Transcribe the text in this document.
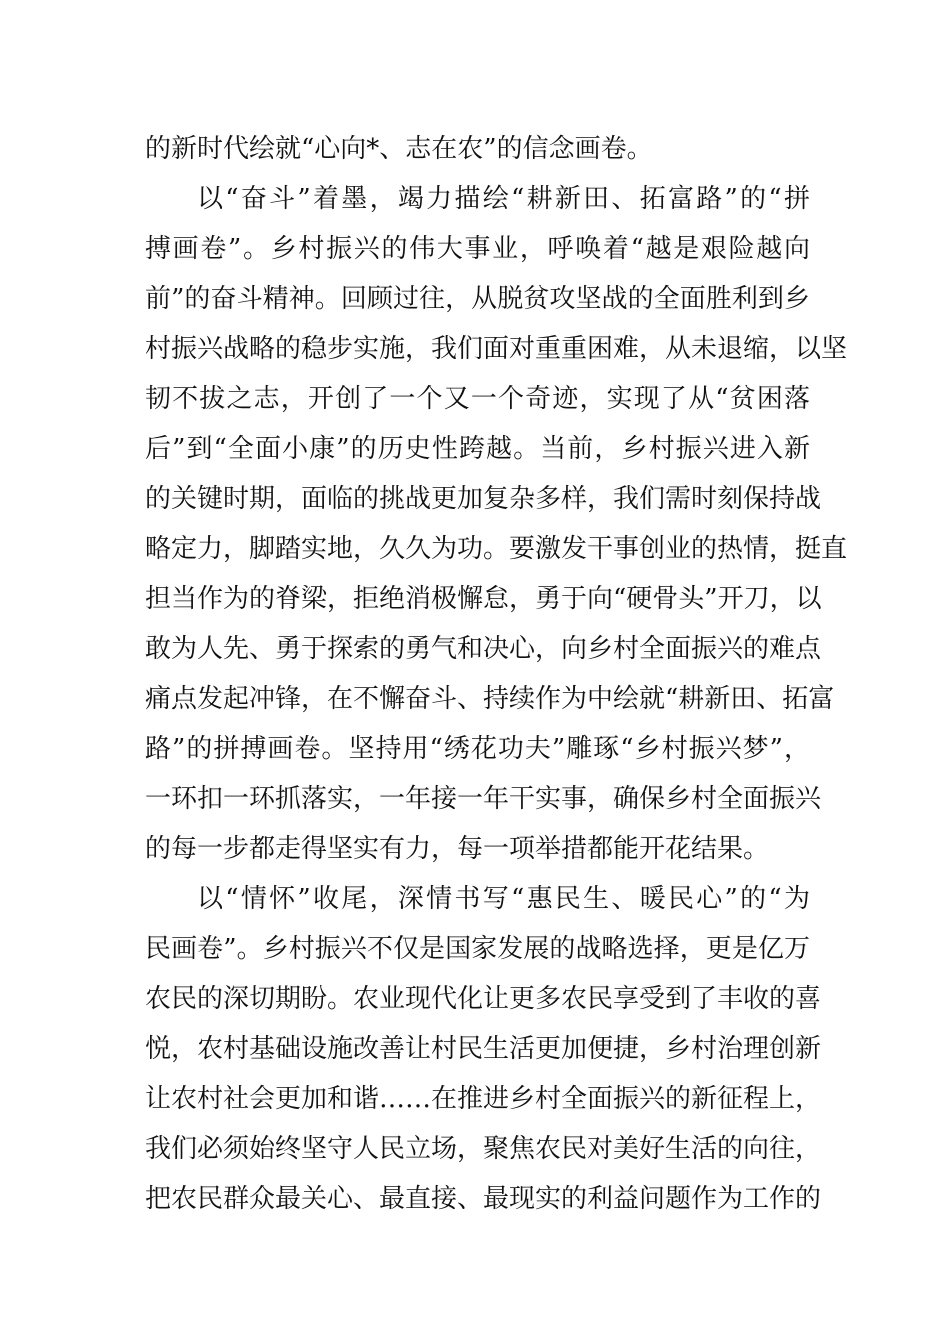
的新时代绘就“心向*、志在农”的信念画卷。
以“奋斗”着墨，竭力描绘“耕新田、拓富路”的“拼
搏画卷”。乡村振兴的伟大事业，呼唤着“越是艰险越向
前”的奋斗精神。回顾过往，从脱贫攻坚战的全面胜利到乡
村振兴战略的稳步实施，我们面对重重困难，从未退缩，以坚
韧不拔之志，开创了一个又一个奇迹，实现了从“贫困落
后”到“全面小康”的历史性跨越。当前，乡村振兴进入新
的关键时期，面临的挑战更加复杂多样，我们需时刻保持战
略定力，脚踏实地，久久为功。要激发干事创业的热情，挺直
担当作为的脊梁，拒绝消极懈怠，勇于向“硬骨头”开刀，以
敢为人先、勇于探索的勇气和决心，向乡村全面振兴的难点
痛点发起冲锋，在不懈奋斗、持续作为中绘就“耕新田、拓富
路”的拼搏画卷。坚持用“绣花功夫”雕琢“乡村振兴梦”，
一环扣一环抓落实，一年接一年干实事，确保乡村全面振兴
的每一步都走得坚实有力，每一项举措都能开花结果。
以“情怀”收尾，深情书写“惠民生、暖民心”的“为
民画卷”。乡村振兴不仅是国家发展的战略选择，更是亿万
农民的深切期盼。农业现代化让更多农民享受到了丰收的喜
悦，农村基础设施改善让村民生活更加便捷，乡村治理创新
让农村社会更加和谐……在推进乡村全面振兴的新征程上，
我们必须始终坚守人民立场，聚焦农民对美好生活的向往，
把农民群众最关心、最直接、最现实的利益问题作为工作的
